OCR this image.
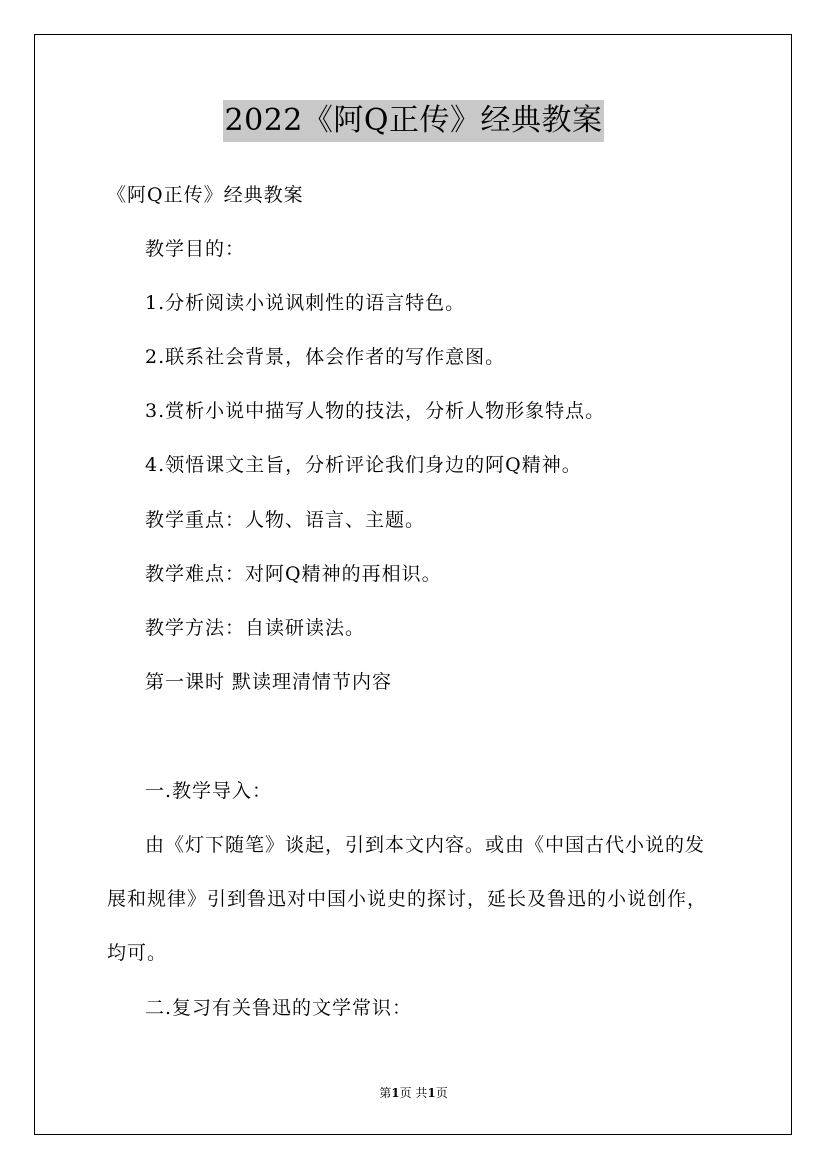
2022《阿Q正传》经典教案
《阿Q正传》经典教案
教学目的：
1.分析阅读小说讽刺性的语言特色。
2.联系社会背景，体会作者的写作意图。
3.赏析小说中描写人物的技法，分析人物形象特点。
4.领悟课文主旨，分析评论我们身边的阿Q精神。
教学重点：人物、语言、主题。
教学难点：对阿Q精神的再相识。
教学方法：自读研读法。
第一课时 默读理清情节内容
一.教学导入：
由《灯下随笔》谈起，引到本文内容。或由《中国古代小说的发
展和规律》引到鲁迅对中国小说史的探讨，延长及鲁迅的小说创作，
均可。
二.复习有关鲁迅的文学常识：
第1页 共1页
